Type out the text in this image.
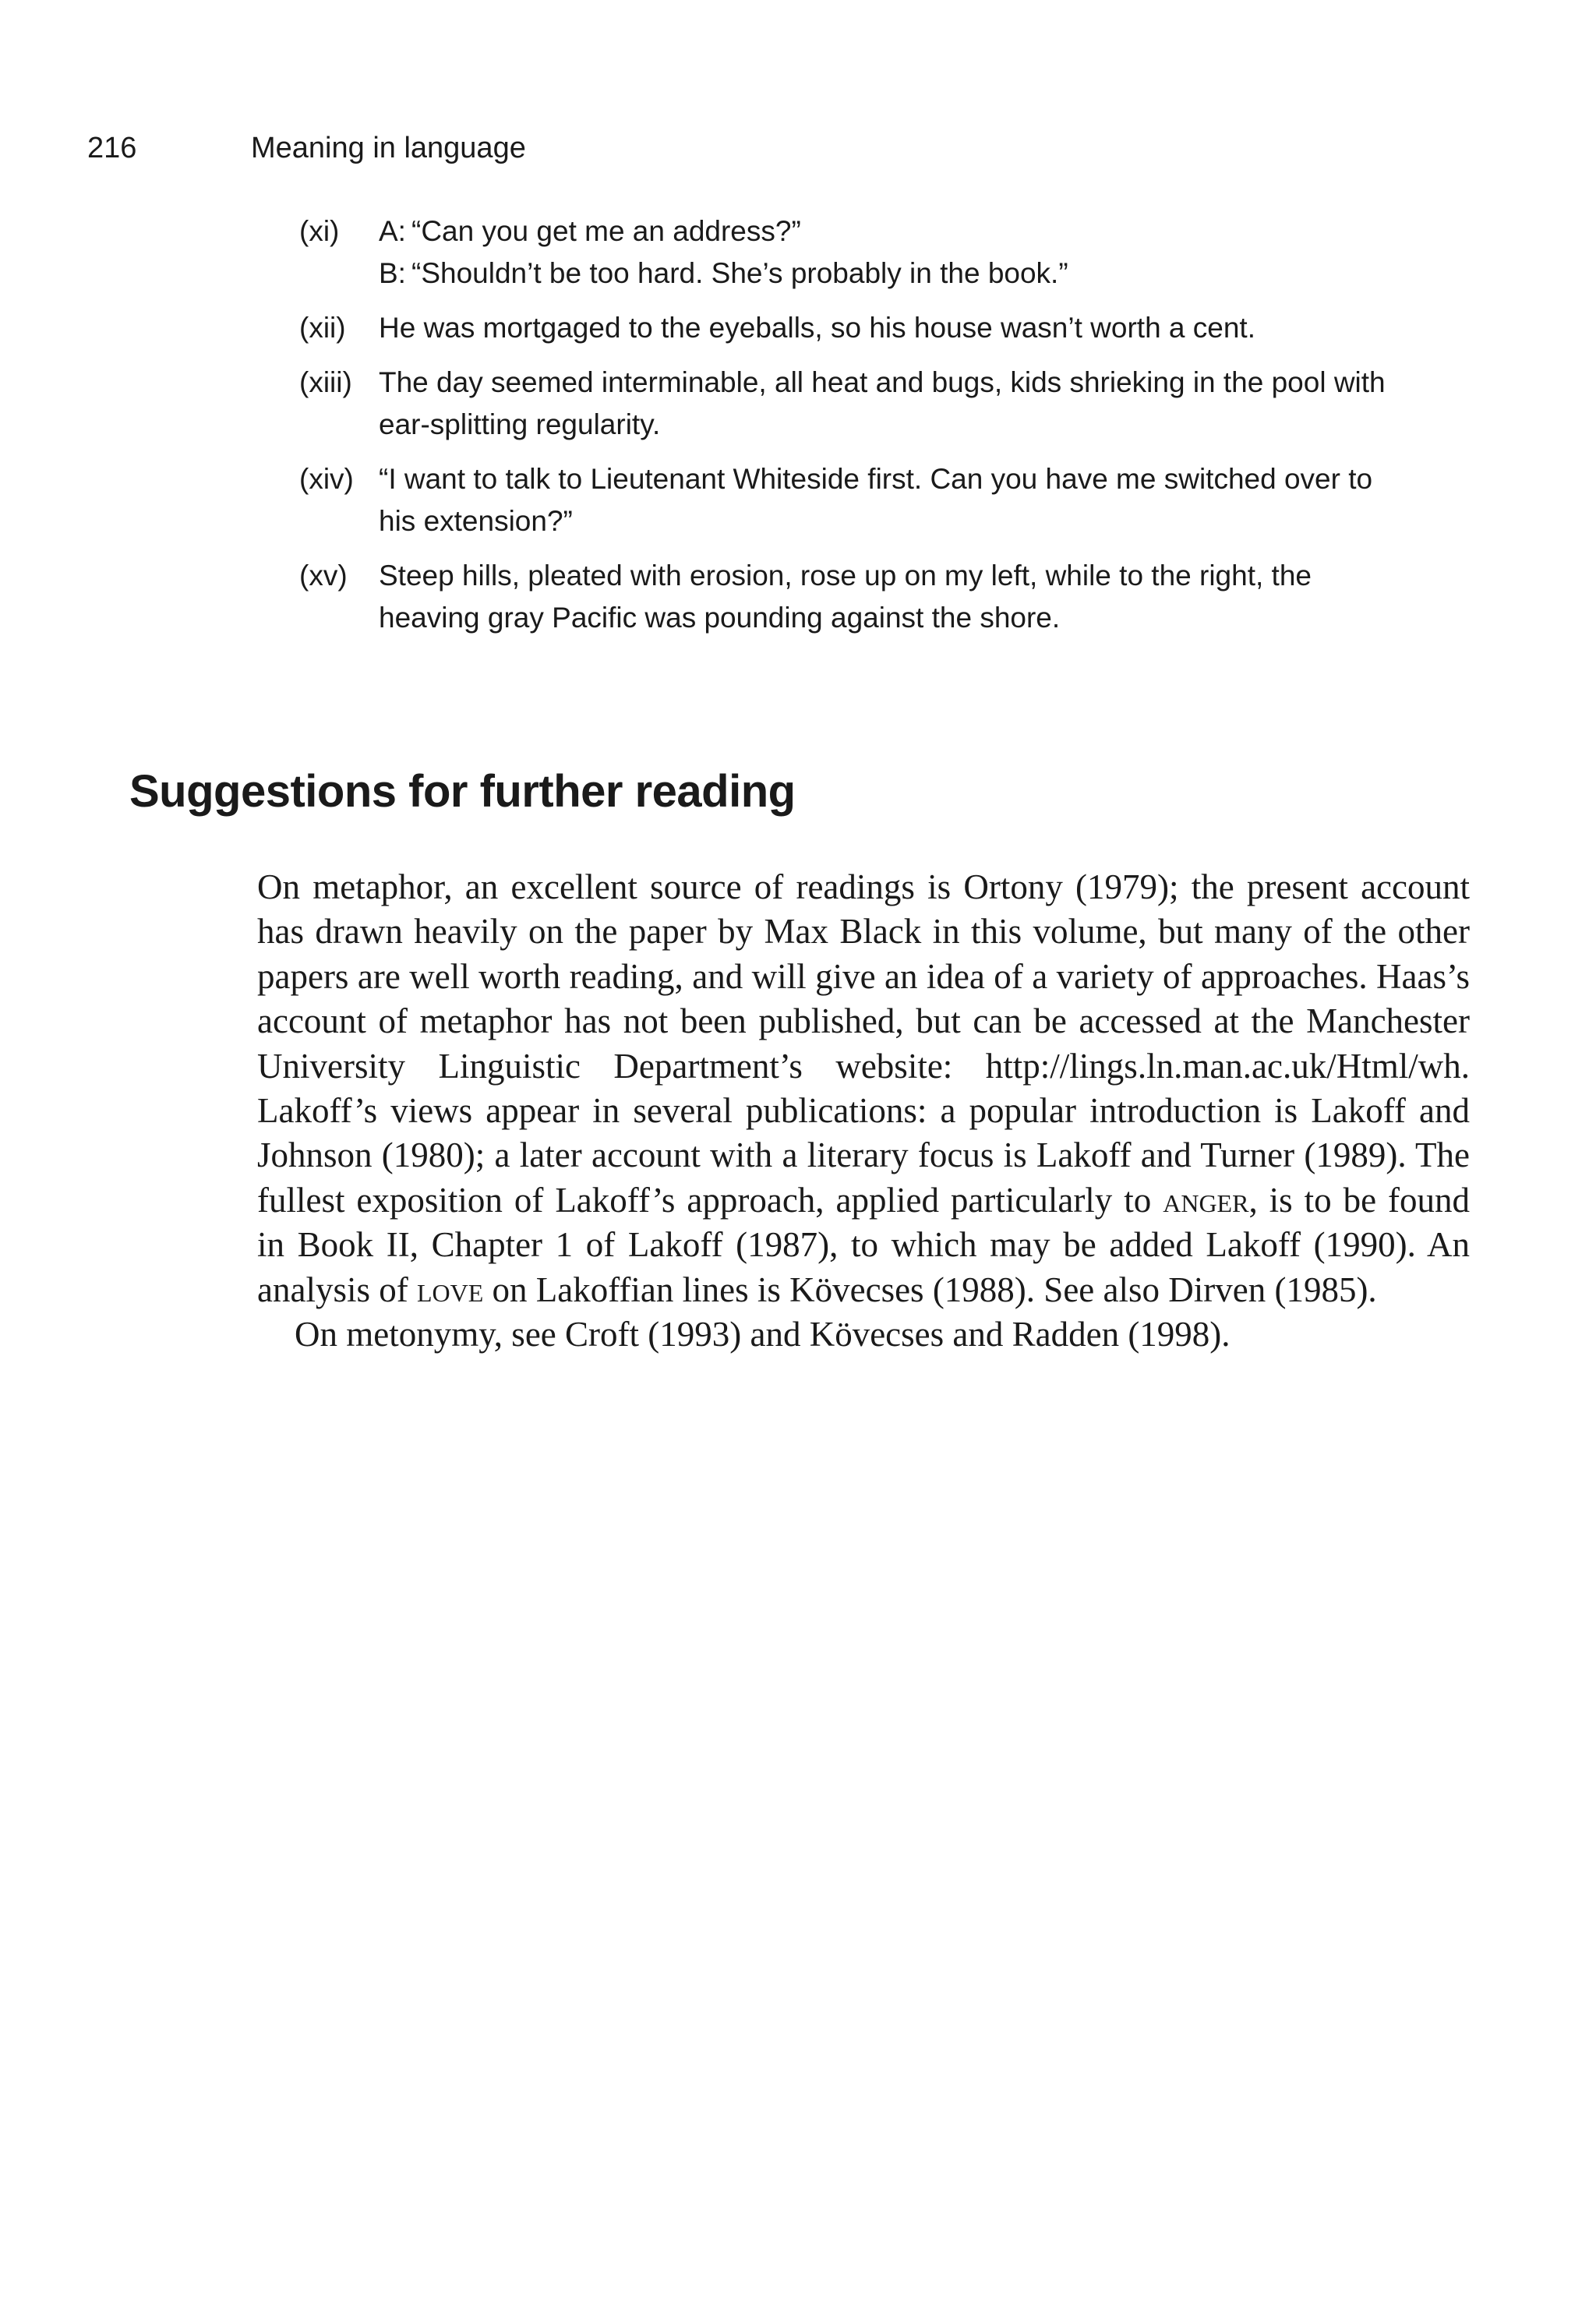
216	Meaning in language
(xi)	A: “Can you get me an address?”
B: “Shouldn’t be too hard. She’s probably in the book.”
(xii)	He was mortgaged to the eyeballs, so his house wasn’t worth a cent.
(xiii) The day seemed interminable, all heat and bugs, kids shrieking in the pool with
ear-splitting regularity.
(xiv) “I want to talk to Lieutenant Whiteside first. Can you have me switched over to
his extension?”
(xv)	Steep hills, pleated with erosion, rose up on my left, while to the right, the
heaving gray Pacific was pounding against the shore.
Suggestions for further reading

On metaphor, an excellent source of readings is Ortony (1979); the present account has drawn heavily on the paper by Max Black in this volume, but many of the other papers are well worth reading, and will give an idea of a variety of approaches. Haas’s account of metaphor has not been published, but can be accessed at the Manchester University Linguistic Department’s website: http://lings.ln.man.ac.uk/Html/wh. Lakoff’s views appear in several publications: a popular introduction is Lakoff and Johnson (1980); a later account with a literary focus is Lakoff and Turner (1989). The fullest exposition of Lakoff’s approach, applied particularly to anger, is to be found in Book II, Chapter 1 of Lakoff (1987), to which may be added Lakoff (1990). An analysis of love on Lakoffian lines is Kövecses (1988). See also Dirven (1985).

On metonymy, see Croft (1993) and Kövecses and Radden (1998).
